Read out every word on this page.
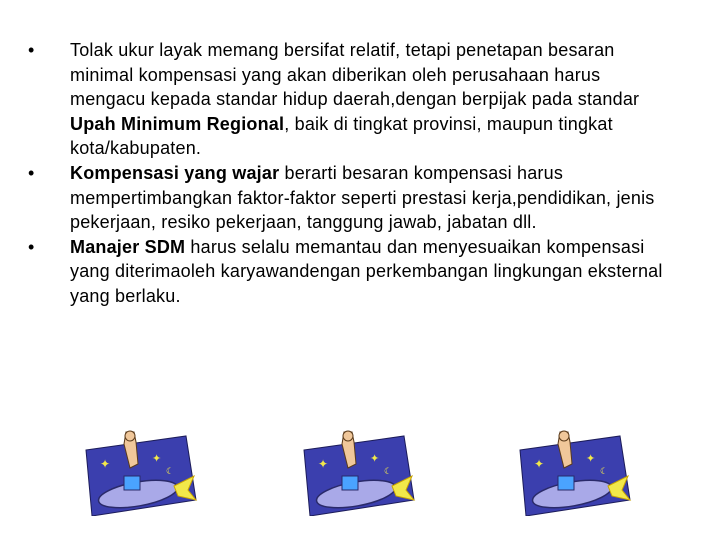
•	Tolak ukur layak memang bersifat relatif, tetapi penetapan besaran minimal kompensasi yang akan diberikan oleh perusahaan harus mengacu kepada standar hidup daerah,dengan berpijak pada standar Upah Minimum Regional, baik di tingkat provinsi, maupun tingkat kota/kabupaten.
•	Kompensasi yang wajar berarti besaran kompensasi harus mempertimbangkan faktor-faktor seperti prestasi kerja,pendidikan, jenis pekerjaan, resiko pekerjaan, tanggung jawab, jabatan dll.
•	Manajer SDM harus selalu memantau dan menyesuaikan kompensasi yang diterimaoleh karyawandengan perkembangan lingkungan eksternal yang berlaku.
✦	✦
☾
✦	✦
☾
✦	✦
☾
